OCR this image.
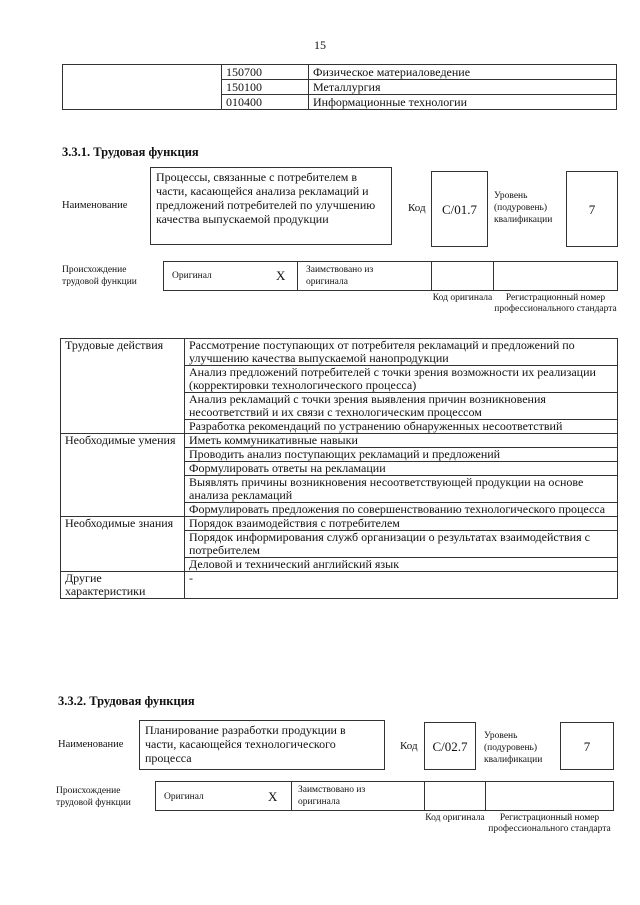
15
	150700	Физическое материаловедение
	150100	Металлургия
	010400	Информационные технологии
3.3.1. Трудовая функция
Наименование
Процессы, связанные с потребителем в части, касающейся анализа рекламаций и предложений потребителей по улучшению качества выпускаемой продукции
Код	C/01.7
Уровень (подуровень) квалификации
7
Происхождение трудовой функции
Оригинал	X Заимствовано из оригинала
Код оригинала	Регистрационный номер профессионального стандарта
Трудовые действия	Рассмотрение поступающих от потребителя рекламаций и предложений по улучшению качества выпускаемой нанопродукции
	Анализ предложений потребителей с точки зрения возможности их реализации (корректировки технологического процесса)
	Анализ рекламаций с точки зрения выявления причин возникновения несоответствий и их связи с технологическим процессом
	Разработка рекомендаций по устранению обнаруженных несоответствий
Необходимые умения	Иметь коммуникативные навыки
	Проводить анализ поступающих рекламаций и предложений
	Формулировать ответы на рекламации
	Выявлять причины возникновения несоответствующей продукции на основе анализа рекламаций
	Формулировать предложения по совершенствованию технологического процесса
Необходимые знания	Порядок взаимодействия с потребителем
	Порядок информирования служб организации о результатах взаимодействия с потребителем
	Деловой и технический английский язык
Другие характеристики	-
3.3.2. Трудовая функция
Наименование
Планирование разработки продукции в части, касающейся технологического процесса
Код	C/02.7
Уровень (подуровень) квалификации
7
Происхождение трудовой функции
Оригинал	X Заимствовано из оригинала
Код оригинала	Регистрационный номер профессионального стандарта
